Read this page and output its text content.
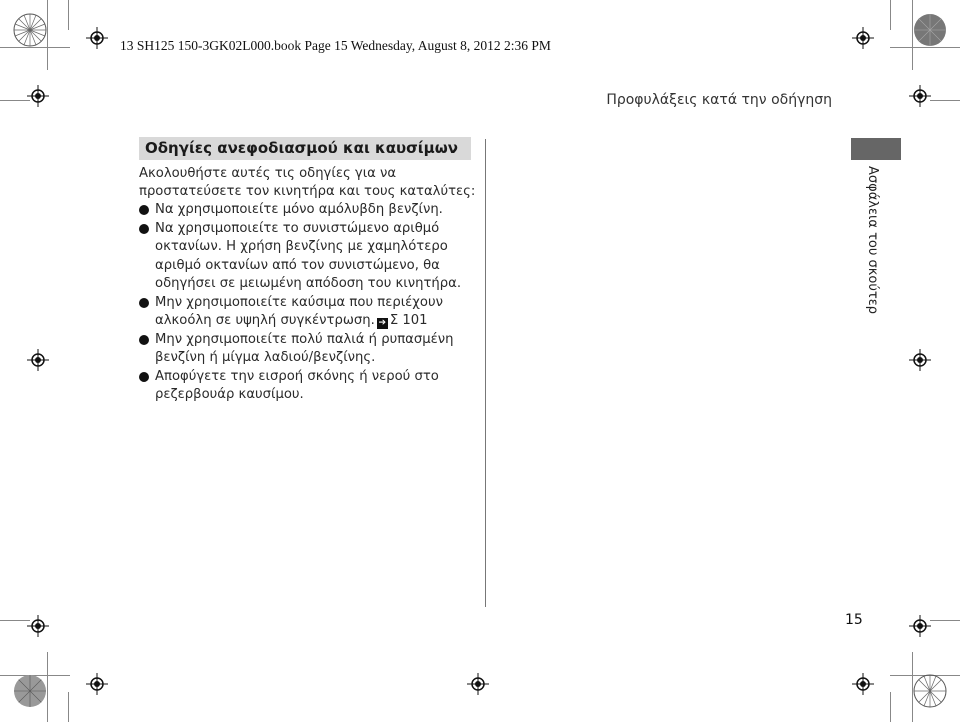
13 SH125 150-3GK02L000.book Page 15 Wednesday, August 8, 2012 2:36 PM
Προφυλάξεις κατά την οδήγηση
Οδηγίες ανεφοδιασμού και καυσίμων
Ακολουθήστε αυτές τις οδηγίες για να προστατεύσετε τον κινητήρα και τους καταλύτες:
Να χρησιμοποιείτε μόνο αμόλυβδη βενζίνη.
Να χρησιμοποιείτε το συνιστώμενο αριθμό οκτανίων. Η χρήση βενζίνης με χαμηλότερο αριθμό οκτανίων από τον συνιστώμενο, θα οδηγήσει σε μειωμένη απόδοση του κινητήρα.
Μην χρησιμοποιείτε καύσιμα που περιέχουν αλκοόλη σε υψηλή συγκέντρωση. ➔ Σ 101
Μην χρησιμοποιείτε πολύ παλιά ή ρυπασμένη βενζίνη ή μίγμα λαδιού/βενζίνης.
Αποφύγετε την εισροή σκόνης ή νερού στο ρεζερβουάρ καυσίμου.
Ασφάλεια του σκούτερ
15
